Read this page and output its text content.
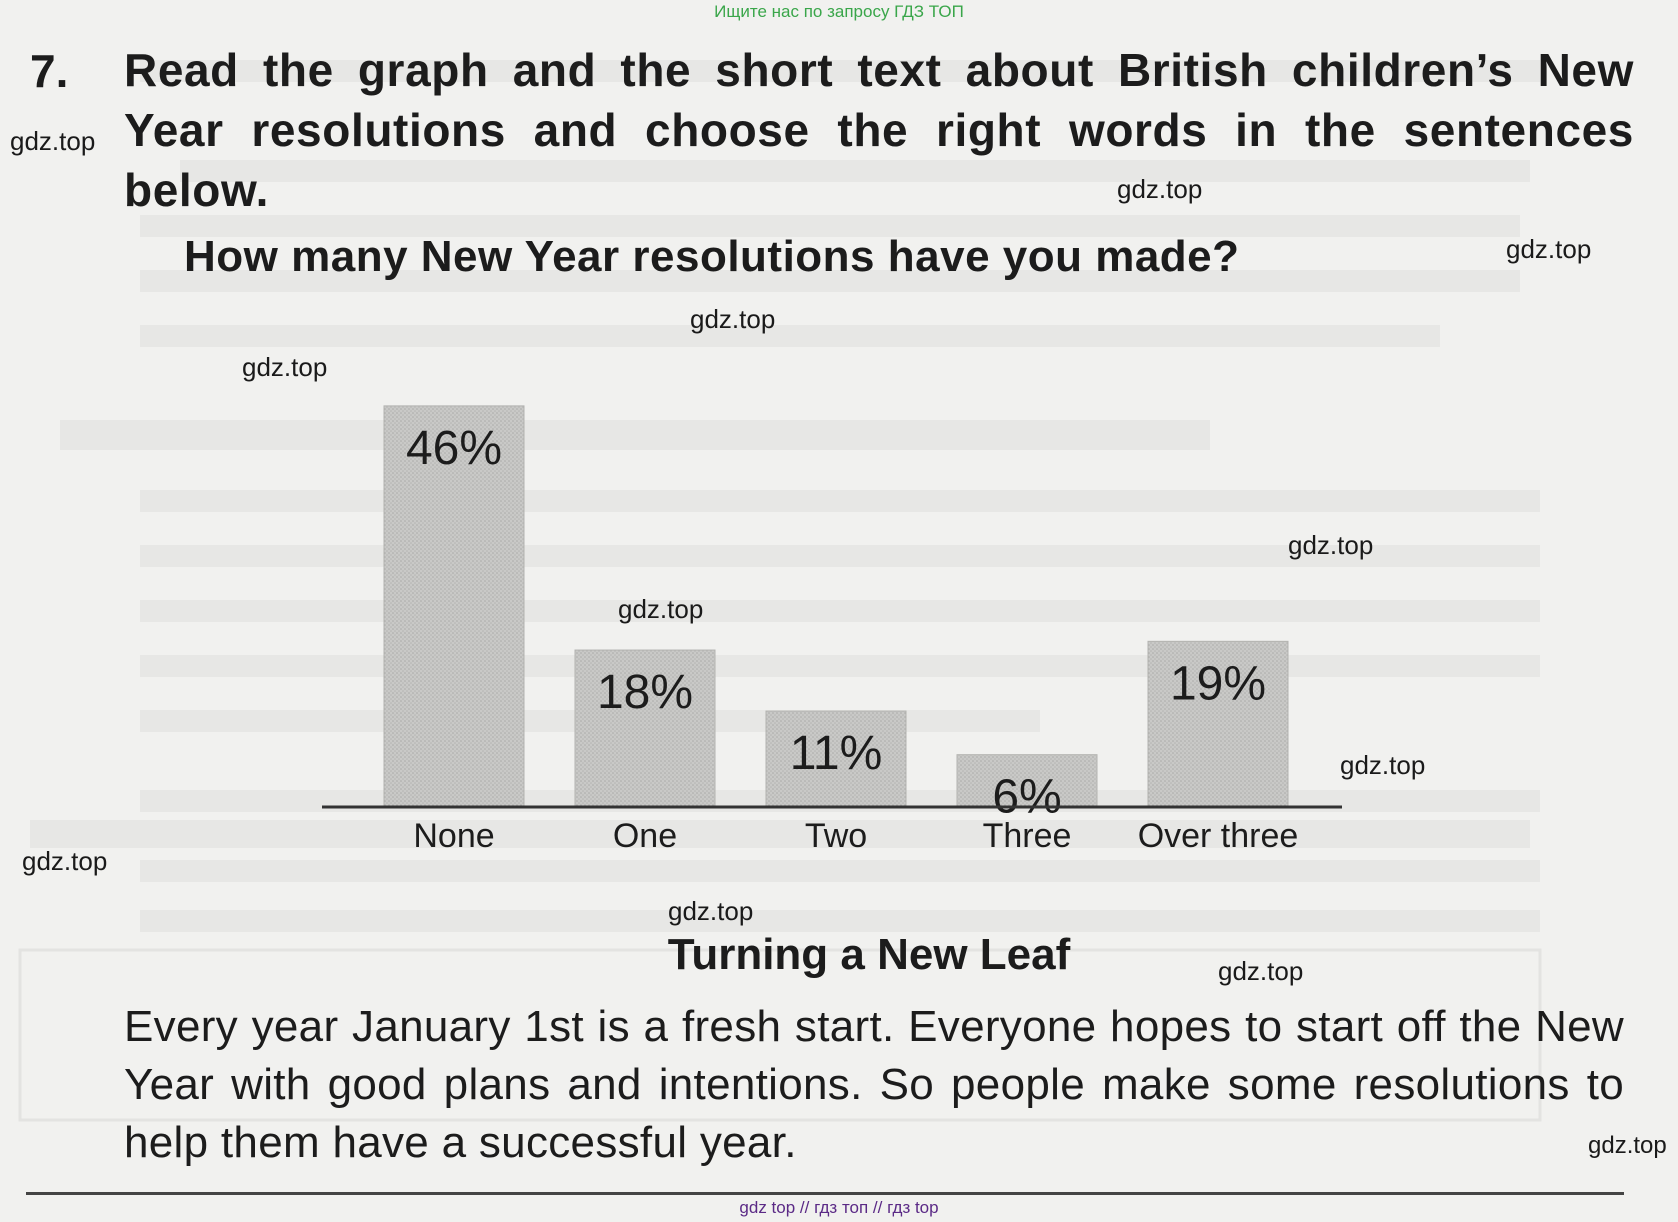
Ищите нас по запросу ГДЗ ТОП
7. Read the graph and the short text about British children’s New Year resolutions and choose the right words in the sentences below.
How many New Year resolutions have you made?
46%
18%
11%
6%
19%
None	One	Two	Three Over three
Turning a New Leaf
Every year January 1st is a fresh start. Everyone hopes to start off the New Year with good plans and intentions. So people make some resolutions to help them have a successful year.
gdz top // гдз топ // гдз top
gdz.top
gdz.top
gdz.top
gdz.top
gdz.top
gdz.top
gdz.top
gdz.top
gdz.top
gdz.top
gdz.top
gdz.top
